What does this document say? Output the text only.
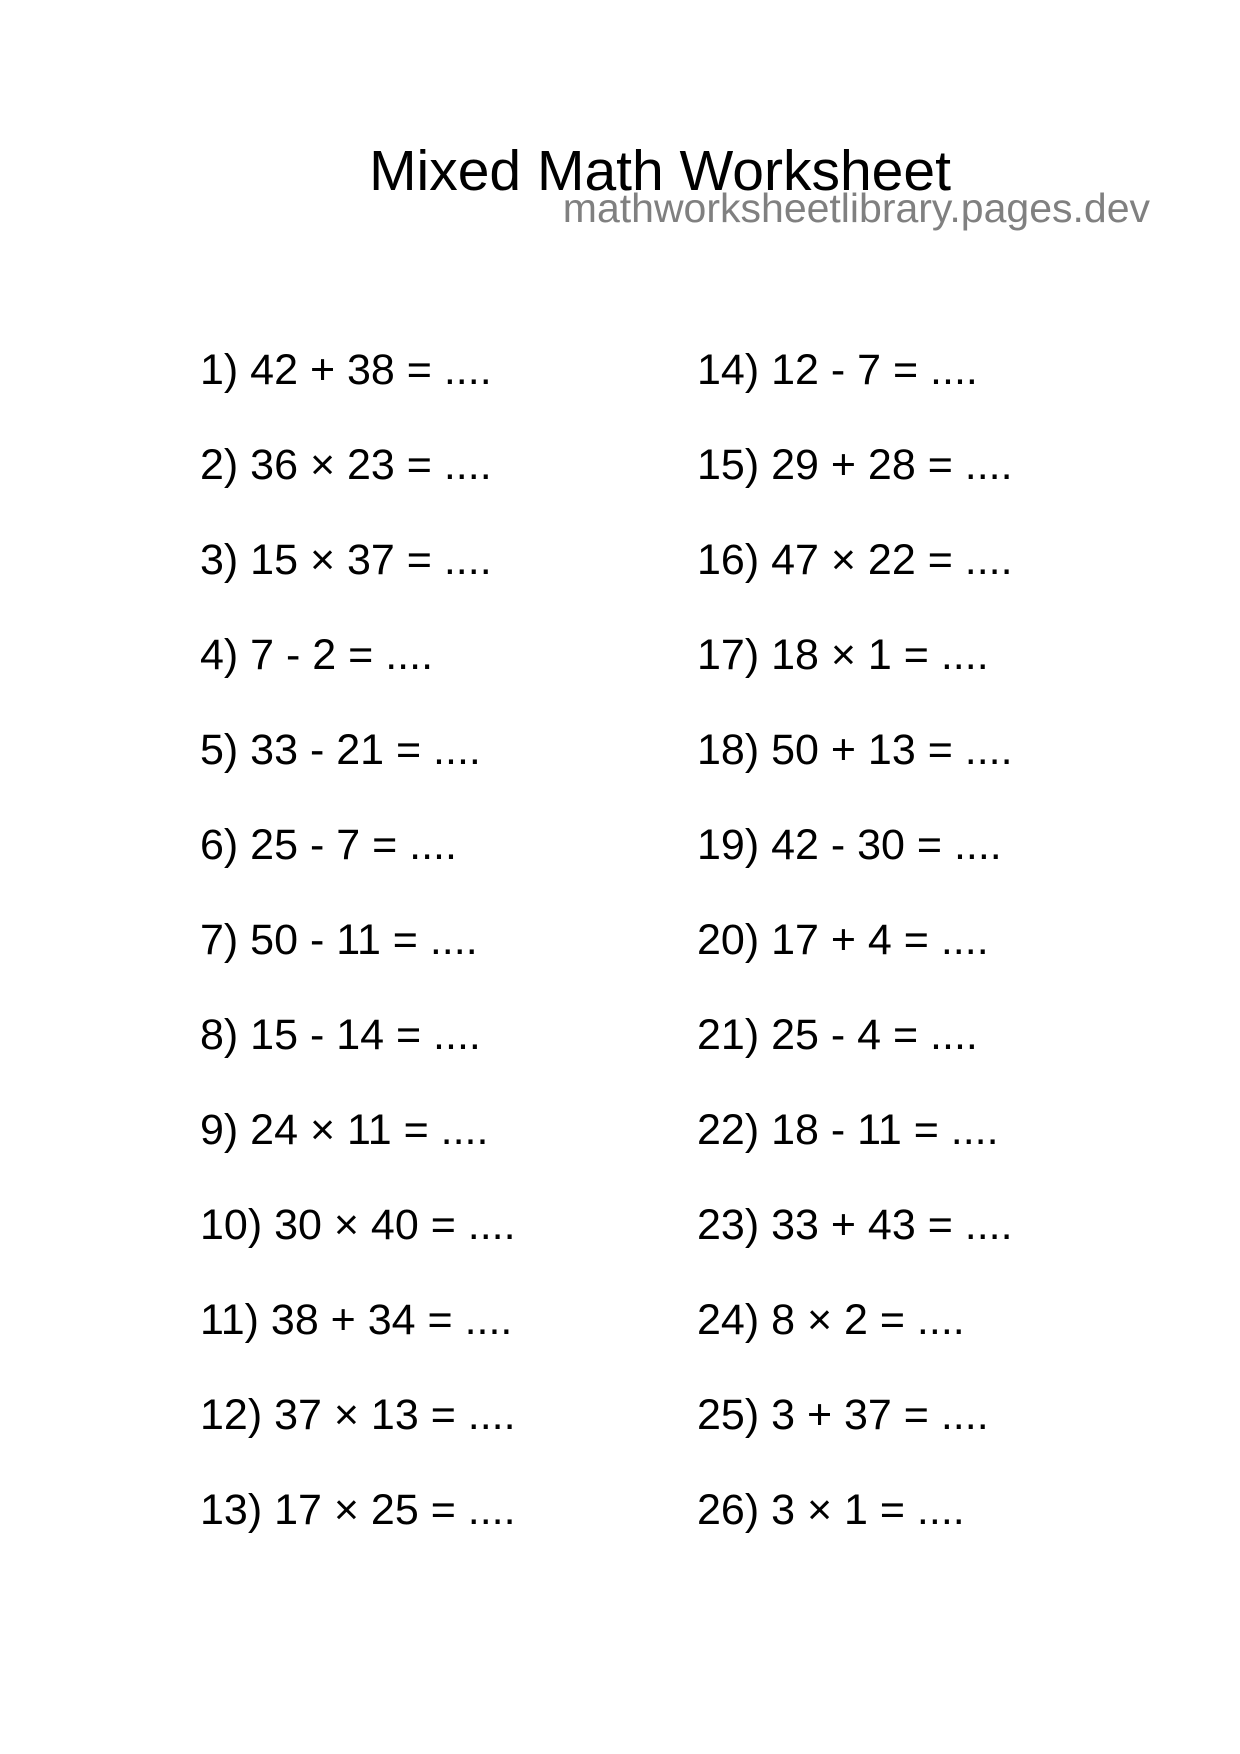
Mixed Math Worksheet
mathworksheetlibrary.pages.dev
1) 42 + 38 = ....
2) 36 × 23 = ....
3) 15 × 37 = ....
4) 7 - 2 = ....
5) 33 - 21 = ....
6) 25 - 7 = ....
7) 50 - 11 = ....
8) 15 - 14 = ....
9) 24 × 11 = ....
10) 30 × 40 = ....
11) 38 + 34 = ....
12) 37 × 13 = ....
13) 17 × 25 = ....
14) 12 - 7 = ....
15) 29 + 28 = ....
16) 47 × 22 = ....
17) 18 × 1 = ....
18) 50 + 13 = ....
19) 42 - 30 = ....
20) 17 + 4 = ....
21) 25 - 4 = ....
22) 18 - 11 = ....
23) 33 + 43 = ....
24) 8 × 2 = ....
25) 3 + 37 = ....
26) 3 × 1 = ....
